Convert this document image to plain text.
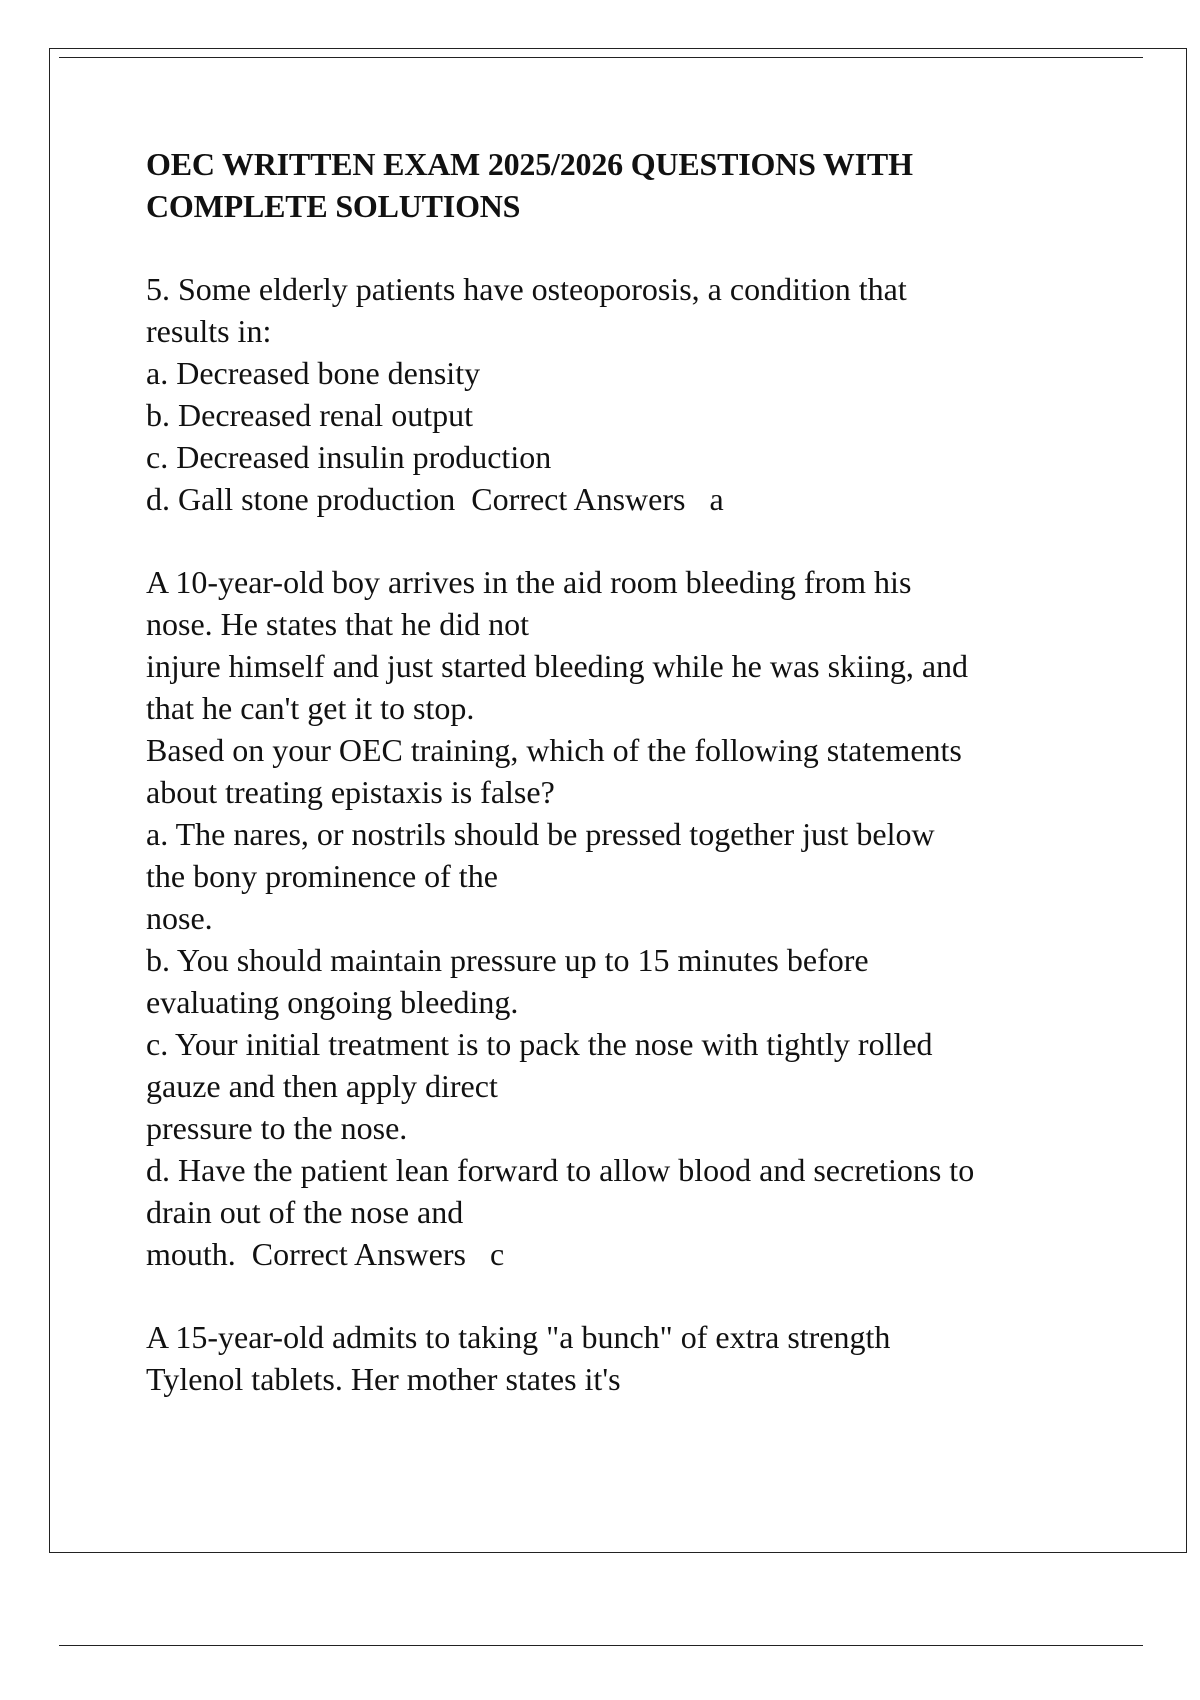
OEC WRITTEN EXAM 2025/2026 QUESTIONS WITH
COMPLETE SOLUTIONS
5. Some elderly patients have osteoporosis, a condition that
results in:
a. Decreased bone density
b. Decreased renal output
c. Decreased insulin production
d. Gall stone production  Correct Answers   a
A 10-year-old boy arrives in the aid room bleeding from his
nose. He states that he did not
injure himself and just started bleeding while he was skiing, and
that he can't get it to stop.
Based on your OEC training, which of the following statements
about treating epistaxis is false?
a. The nares, or nostrils should be pressed together just below
the bony prominence of the
nose.
b. You should maintain pressure up to 15 minutes before
evaluating ongoing bleeding.
c. Your initial treatment is to pack the nose with tightly rolled
gauze and then apply direct
pressure to the nose.
d. Have the patient lean forward to allow blood and secretions to
drain out of the nose and
mouth.  Correct Answers   c
A 15-year-old admits to taking "a bunch" of extra strength
Tylenol tablets. Her mother states it's
